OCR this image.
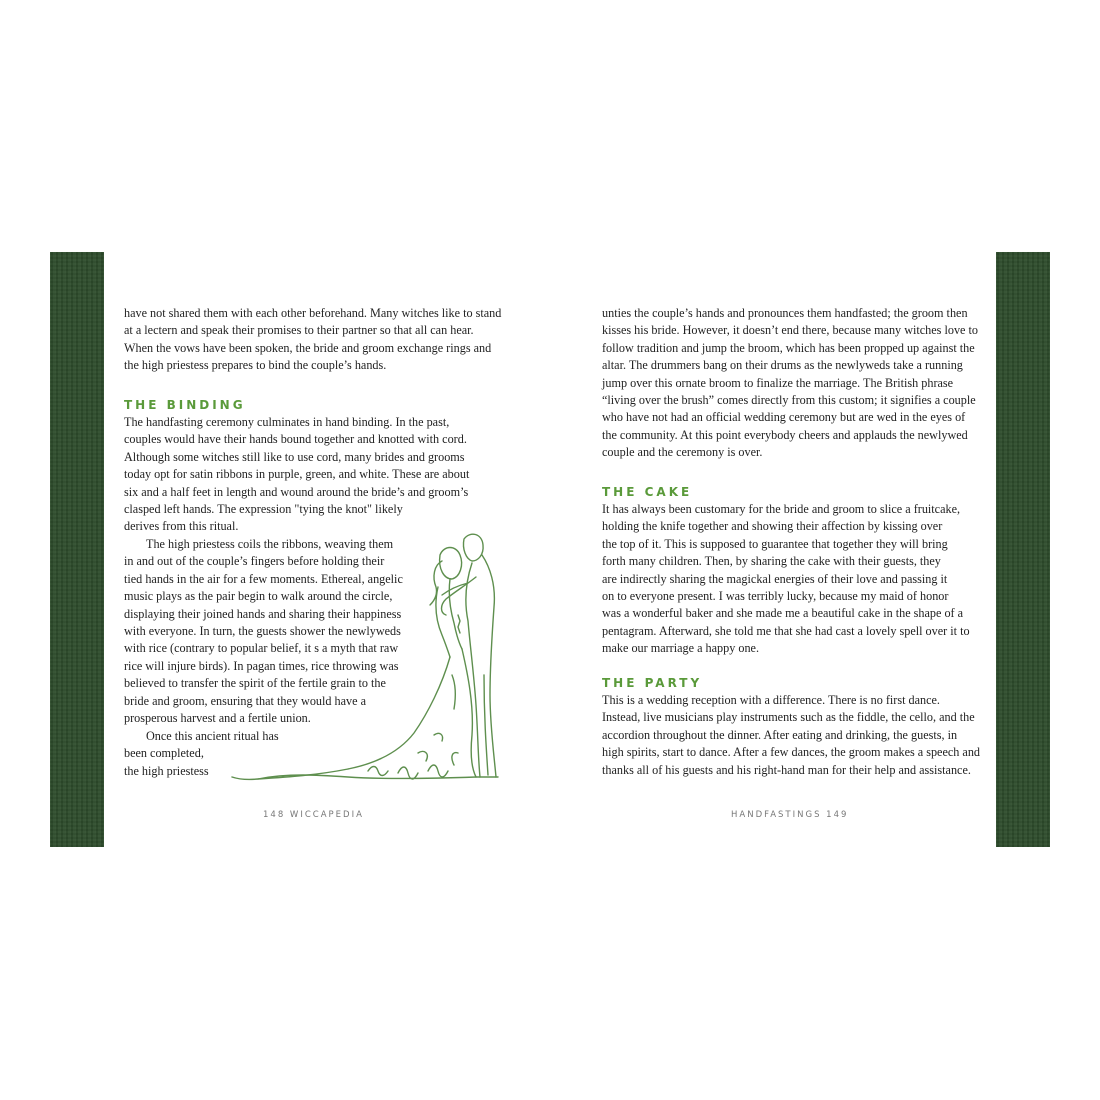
have not shared them with each other beforehand. Many witches like to stand
at a lectern and speak their promises to their partner so that all can hear.
When the vows have been spoken, the bride and groom exchange rings and
the high priestess prepares to bind the couple’s hands.
THE BINDING
The handfasting ceremony culminates in hand binding. In the past,
couples would have their hands bound together and knotted with cord.
Although some witches still like to use cord, many brides and grooms
today opt for satin ribbons in purple, green, and white. These are about
six and a half feet in length and wound around the bride’s and groom’s
clasped left hands. The expression "tying the knot" likely
derives from this ritual.
The high priestess coils the ribbons, weaving them
in and out of the couple’s fingers before holding their
tied hands in the air for a few moments. Ethereal, angelic
music plays as the pair begin to walk around the circle,
displaying their joined hands and sharing their happiness
with everyone. In turn, the guests shower the newlyweds
with rice (contrary to popular belief, it s a myth that raw
rice will injure birds). In pagan times, rice throwing was
believed to transfer the spirit of the fertile grain to the
bride and groom, ensuring that they would have a
prosperous harvest and a fertile union.
Once this ancient ritual has
been completed,
the high priestess
148 WICCAPEDIA
unties the couple’s hands and pronounces them handfasted; the groom then
kisses his bride. However, it doesn’t end there, because many witches love to
follow tradition and jump the broom, which has been propped up against the
altar. The drummers bang on their drums as the newlyweds take a running
jump over this ornate broom to finalize the marriage. The British phrase
“living over the brush” comes directly from this custom; it signifies a couple
who have not had an official wedding ceremony but are wed in the eyes of
the community. At this point everybody cheers and applauds the newlywed
couple and the ceremony is over.
THE CAKE
It has always been customary for the bride and groom to slice a fruitcake,
holding the knife together and showing their affection by kissing over
the top of it. This is supposed to guarantee that together they will bring
forth many children. Then, by sharing the cake with their guests, they
are indirectly sharing the magickal energies of their love and passing it
on to everyone present. I was terribly lucky, because my maid of honor
was a wonderful baker and she made me a beautiful cake in the shape of a
pentagram. Afterward, she told me that she had cast a lovely spell over it to
make our marriage a happy one.
THE PARTY
This is a wedding reception with a difference. There is no first dance.
Instead, live musicians play instruments such as the fiddle, the cello, and the
accordion throughout the dinner. After eating and drinking, the guests, in
high spirits, start to dance. After a few dances, the groom makes a speech and
thanks all of his guests and his right-hand man for their help and assistance.
HANDFASTINGS 149
